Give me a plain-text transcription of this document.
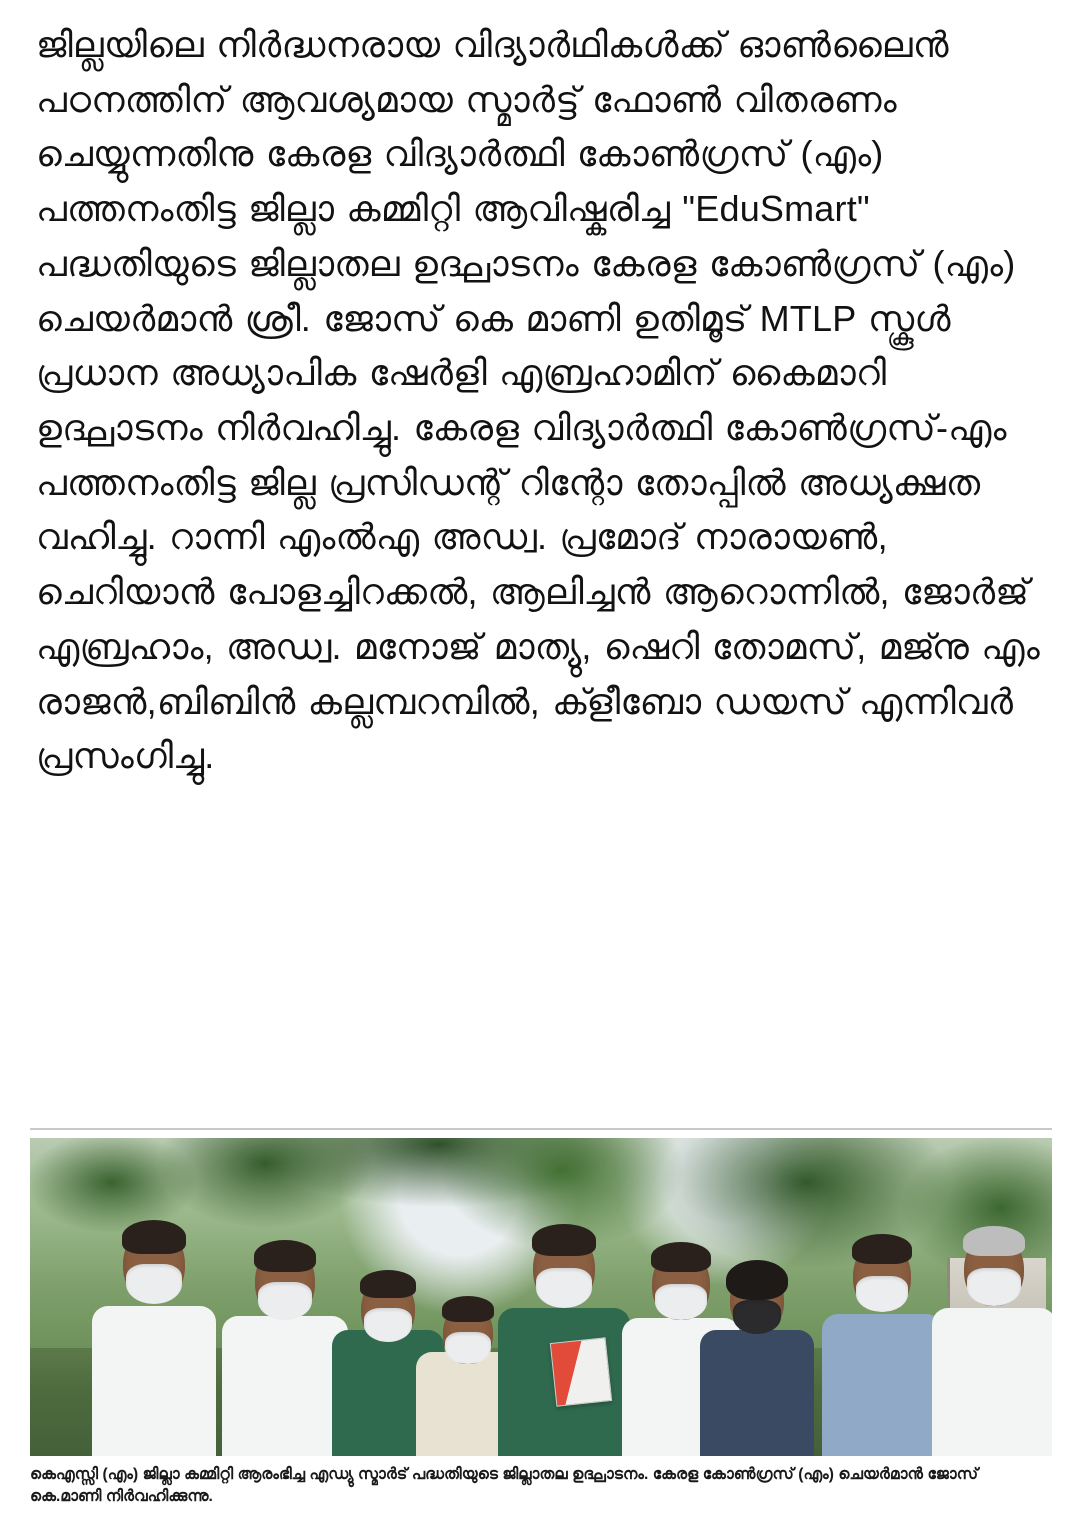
ജില്ലയിലെ നിർദ്ധനരായ വിദ്യാർഥികൾക്ക് ഓൺലൈൻ പഠനത്തിന് ആവശ്യമായ സ്മാർട്ട് ഫോൺ വിതരണം ചെയ്യുന്നതിനു കേരള വിദ്യാർത്ഥി കോൺഗ്രസ് (എം) പത്തനംതിട്ട ജില്ലാ കമ്മിറ്റി ആവിഷ്കരിച്ച "EduSmart" പദ്ധതിയുടെ ജില്ലാതല ഉദ്ഘാടനം കേരള കോൺഗ്രസ് (എം) ചെയർമാൻ ശ്രീ. ജോസ് കെ മാണി ഉതിമൂട് MTLP സ്കൂൾ പ്രധാന അധ്യാപിക ഷേർളി എബ്രഹാമിന് കൈമാറി ഉദ്ഘാടനം നിർവഹിച്ചു. കേരള വിദ്യാർത്ഥി കോൺഗ്രസ്-എം പത്തനംതിട്ട ജില്ല പ്രസിഡന്റ് റിന്റോ തോപ്പിൽ അധ്യക്ഷത വഹിച്ചു. റാന്നി എംൽഎ അഡ്വ. പ്രമോദ് നാരായൺ, ചെറിയാൻ പോളച്ചിറക്കൽ, ആലിച്ചൻ ആറൊന്നിൽ, ജോർജ് എബ്രഹാം, അഡ്വ. മനോജ് മാത്യു, ഷെറി തോമസ്, മജ്നു എം രാജൻ,ബിബിൻ കല്ലമ്പറമ്പിൽ, ക്ളീബോ ഡയസ് എന്നിവർ പ്രസംഗിച്ചു.

കെഎസ്സി (എം) ജില്ലാ കമ്മിറ്റി ആരംഭിച്ച എഡ്യു സ്മാർട് പദ്ധതിയുടെ ജില്ലാതല ഉദ്ഘാടനം. കേരള കോൺഗ്രസ് (എം) ചെയർമാൻ ജോസ് കെ.മാണി നിർവഹിക്കുന്നു.
